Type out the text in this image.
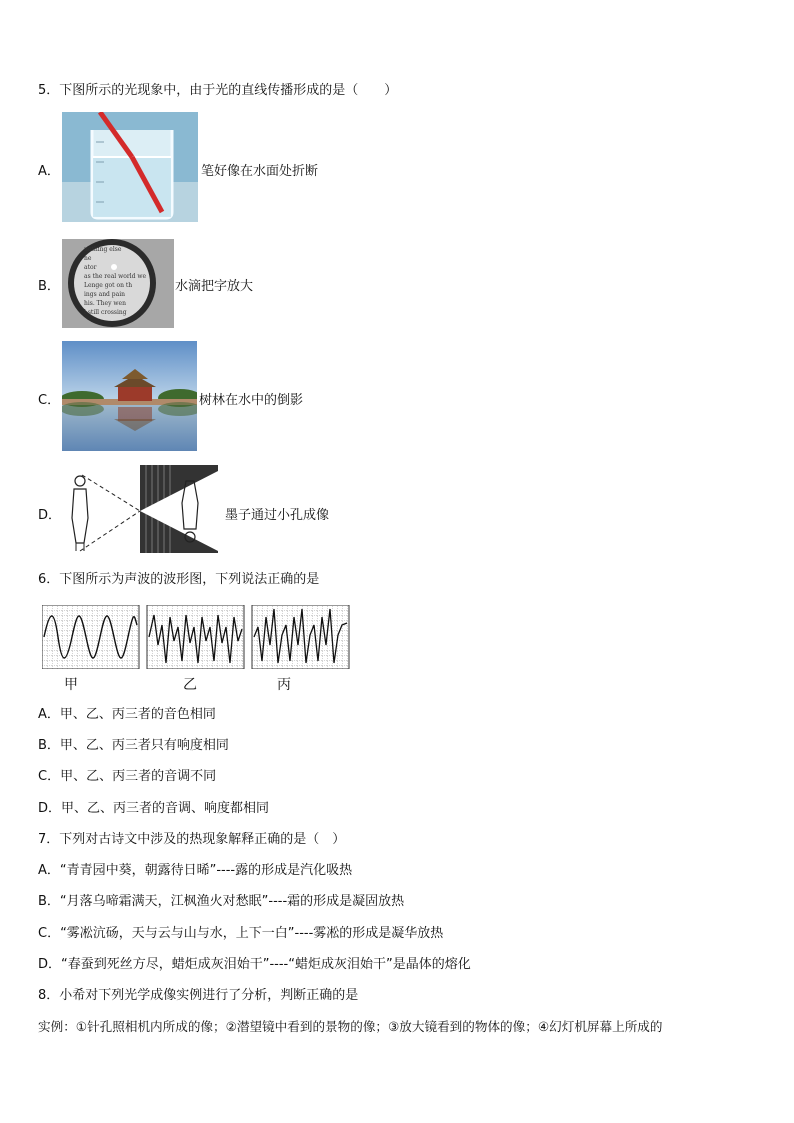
5．下图所示的光现象中，由于光的直线传播形成的是（　　）
A．	笔好像在水面处折断
B．
nothing else
he
ator
as the real world we
Lenge got on th
ings and pain
his. They wen
l still crossing
水滴把字放大
C．	树林在水中的倒影
D．	墨子通过小孔成像
6．下图所示为声波的波形图，下列说法正确的是
甲	乙	丙
A．甲、乙、丙三者的音色相同
B．甲、乙、丙三者只有响度相同
C．甲、乙、丙三者的音调不同
D．甲、乙、丙三者的音调、响度都相同
7．下列对古诗文中涉及的热现象解释正确的是（　）
A．“青青园中葵，朝露待日晞”----露的形成是汽化吸热
B．“月落乌啼霜满天，江枫渔火对愁眠”----霜的形成是凝固放热
C．“雾凇沆砀，天与云与山与水，上下一白”----雾凇的形成是凝华放热
D．“春蚕到死丝方尽，蜡炬成灰泪始干”----“蜡炬成灰泪始干”是晶体的熔化
8．小希对下列光学成像实例进行了分析，判断正确的是
实例：①针孔照相机内所成的像；②潜望镜中看到的景物的像；③放大镜看到的物体的像；④幻灯机屏幕上所成的
